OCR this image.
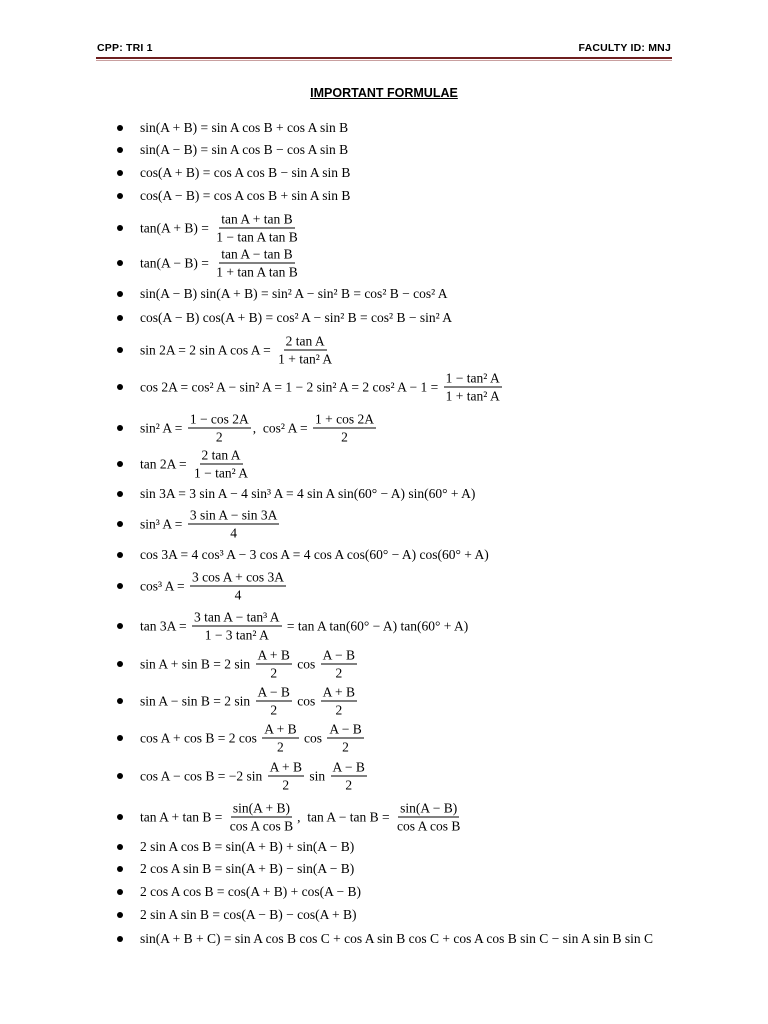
CPP: TRI 1	FACULTY ID: MNJ
IMPORTANT FORMULAE
sin(A + B) = sin A cos B + cos A sin B
sin(A − B) = sin A cos B − cos A sin B
cos(A + B) = cos A cos B − sin A sin B
cos(A − B) = cos A cos B + sin A sin B
$\tan(A + B) = \frac{\text{tan A + tan B}}{\text{1 − tan A tan B}}$
$\tan(A - B) = \frac{\text{tan A − tan B}}{\text{1 + tan A tan B}}$
sin(A − B) sin(A + B) = sin² A − sin² B = cos² B − cos² A
cos(A − B) cos(A + B) = cos² A − sin² B = cos² B − sin² A
sin 2A = 2 sin A $\cos A = \frac{\text{2 tan A}}{\text{1 + tan² A}}$
cos 2A = cos² A − sin² A = 1 − 2 sin² A = 2 cos² $A - 1 = \frac{\text{1 − tan² A}}{\text{1 + tan² A}}$
sin² $A = \frac{1 - \cos 2A}{2}$ ,  cos² $A = \frac{1 + \cos 2A}{2}$
$\tan 2A = \frac{\text{2 tan A}}{\text{1 − tan² A}}$
sin 3A = 3 sin A − 4 sin³ A = 4 sin A sin(60° − A) sin(60° + A)
sin³ $A = \frac{\text{3 sin A − sin 3A}}{4}$
cos 3A = 4 cos³ A − 3 cos A = 4 cos A cos(60° − A) cos(60° + A)
cos³ $A = \frac{\text{3 cos A + cos 3A}}{4}$
$\tan 3A = \frac{\text{3 tan A − tan³ A}}{\text{1 − 3 tan² A}} = \tan A$ tan(60° − A) tan(60° + A)
sin A + sin B = 2 $\sin \frac{A + B}{2}$ $\cos \frac{A - B}{2}$
sin A − sin B = 2 $\sin \frac{A - B}{2}$ $\cos \frac{A + B}{2}$
cos A + cos B = 2 $\cos \frac{A + B}{2}$ $\cos \frac{A - B}{2}$
cos A − cos B = −2 $\sin \frac{A + B}{2}$ $\sin \frac{A - B}{2}$
$\tan A + \tan B = \frac{\sin(A + B)}{\text{cos A cos B}}$ ,  $\tan A - \tan B = \frac{\sin(A - B)}{\text{cos A cos B}}$
2 sin A cos B = sin(A + B) + sin(A − B)
2 cos A sin B = sin(A + B) − sin(A − B)
2 cos A cos B = cos(A + B) + cos(A − B)
2 sin A sin B = cos(A − B) − cos(A + B)
sin(A + B + C) = sin A cos B cos C + cos A sin B cos C + cos A cos B sin C − sin A sin B sin C
